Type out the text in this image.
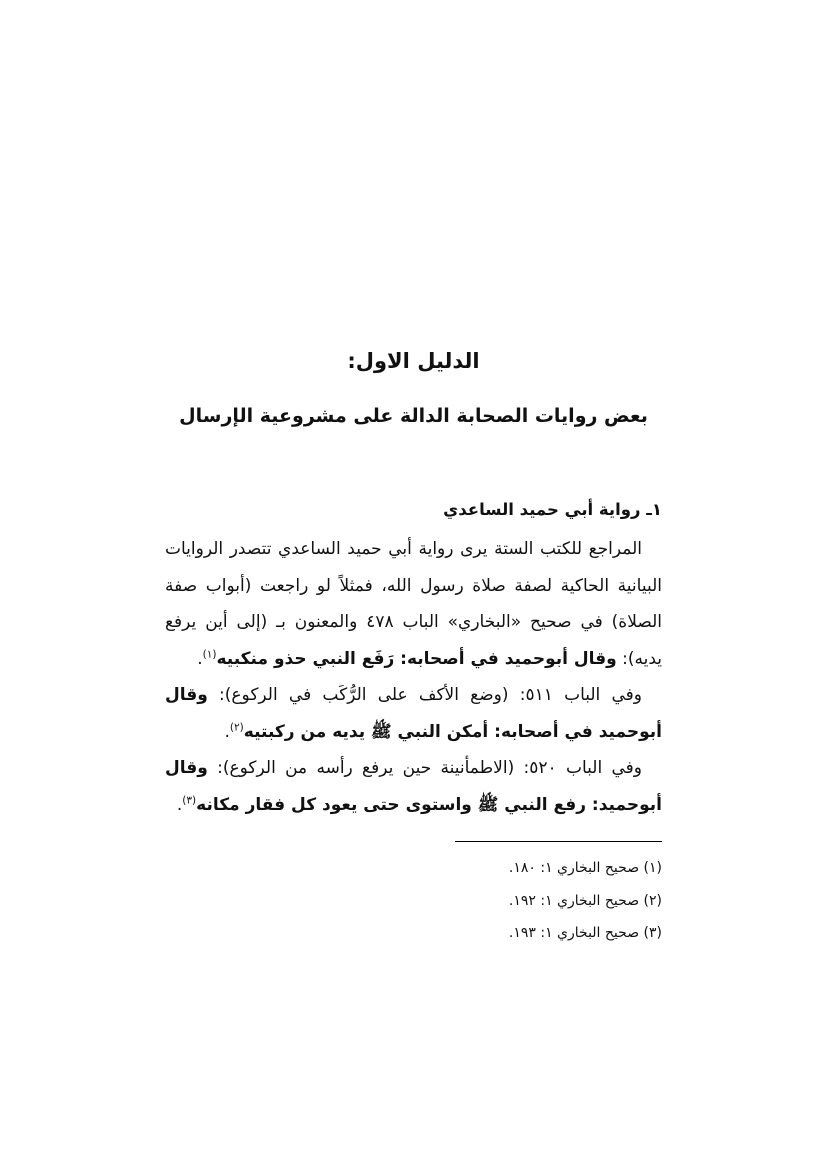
الدليل الاول:
بعض روايات الصحابة الدالة على مشروعية الإرسال
١ـ رواية أبي حميد الساعدي

المراجع للكتب الستة يرى رواية أبي حميد الساعدي تتصدر الروايات البيانية الحاكية لصفة صلاة رسول الله، فمثلاً لو راجعت (أبواب صفة الصلاة) في صحيح «البخاري» الباب ٤٧٨ والمعنون بـ (إلى أين يرفع يديه): وقال أبوحميد في أصحابه: رَفَع النبي حذو منكبيه$^{(١)}$.

وفي الباب ٥١١: (وضع الأكف على الرُّكَب في الركوع): وقال أبوحميد في أصحابه: أمكن النبي ﷺ يديه من ركبتيه$^{(٢)}$.

وفي الباب ٥٢٠: (الاطمأنينة حين يرفع رأسه من الركوع): وقال أبوحميد: رفع النبي ﷺ واستوى حتى يعود كل فقار مكانه$^{(٣)}$.

(١) صحيح البخاري ١: ١٨٠.
(٢) صحيح البخاري ١: ١٩٢.
(٣) صحيح البخاري ١: ١٩٣.
